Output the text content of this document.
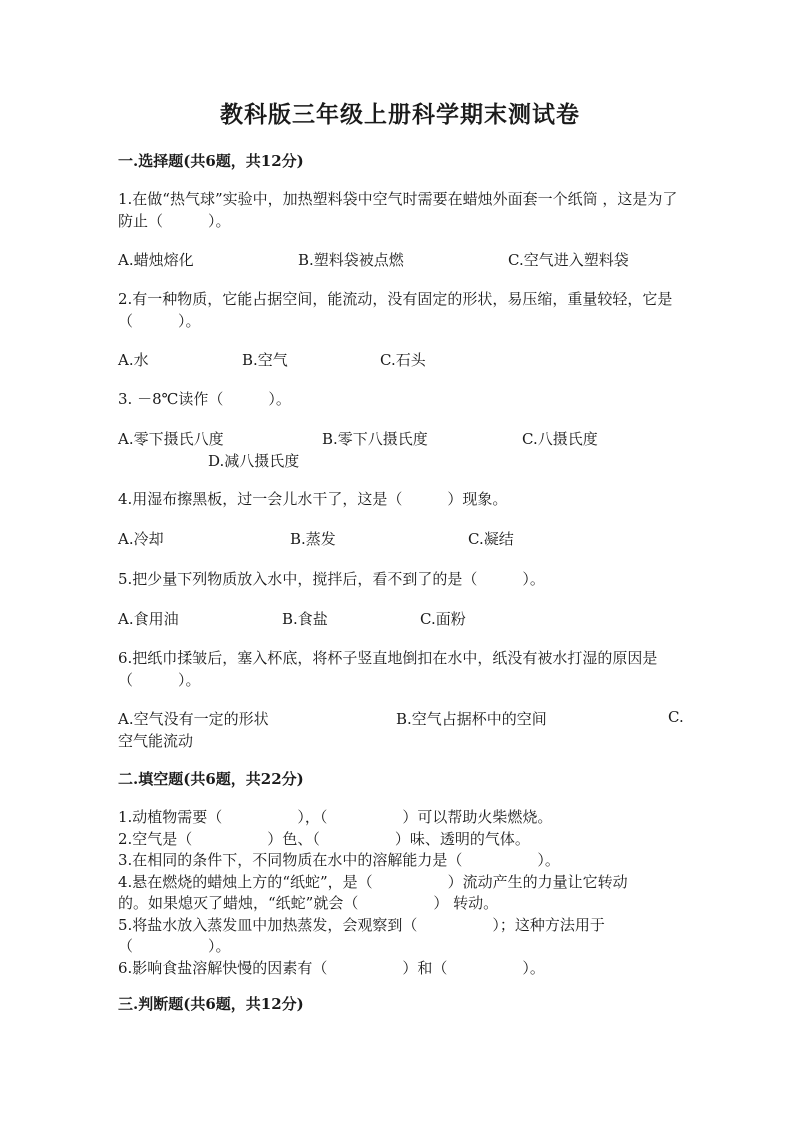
教科版三年级上册科学期末测试卷
一.选择题(共6题，共12分)
1.在做“热气球”实验中，加热塑料袋中空气时需要在蜡烛外面套一个纸筒 ，这是为了防止（　　　）。
A.蜡烛熔化	B.塑料袋被点燃	C.空气进入塑料袋
2.有一种物质，它能占据空间，能流动，没有固定的形状，易压缩，重量较轻，它是 （　　　）。
A.水	B.空气	C.石头
3. －8℃读作（　　　）。
A.零下摄氏八度	B.零下八摄氏度	C.八摄氏度
D.减八摄氏度
4.用湿布擦黑板，过一会儿水干了，这是（　　　）现象。
A.冷却	B.蒸发	C.凝结
5.把少量下列物质放入水中，搅拌后，看不到了的是（　　　）。
A.食用油	B.食盐	C.面粉
6.把纸巾揉皱后，塞入杯底，将杯子竖直地倒扣在水中，纸没有被水打湿的原因是（　　　）。
A.空气没有一定的形状	B.空气占据杯中的空间	C.
空气能流动
二.填空题(共6题，共22分)
1.动植物需要（　　　　　），（　　　　　）可以帮助火柴燃烧。
2.空气是（　　　　　）色、（　　　　　）味、透明的气体。
3.在相同的条件下，不同物质在水中的溶解能力是（　　　　　）。
4.悬在燃烧的蜡烛上方的“纸蛇”，是（　　　　　）流动产生的力量让它转动
的。如果熄灭了蜡烛，“纸蛇”就会（　　　　　） 转动。
5.将盐水放入蒸发皿中加热蒸发，会观察到（　　　　　）；这种方法用于
（　　　　　）。
6.影响食盐溶解快慢的因素有（　　　　　）和（　　　　　）。
三.判断题(共6题，共12分)
